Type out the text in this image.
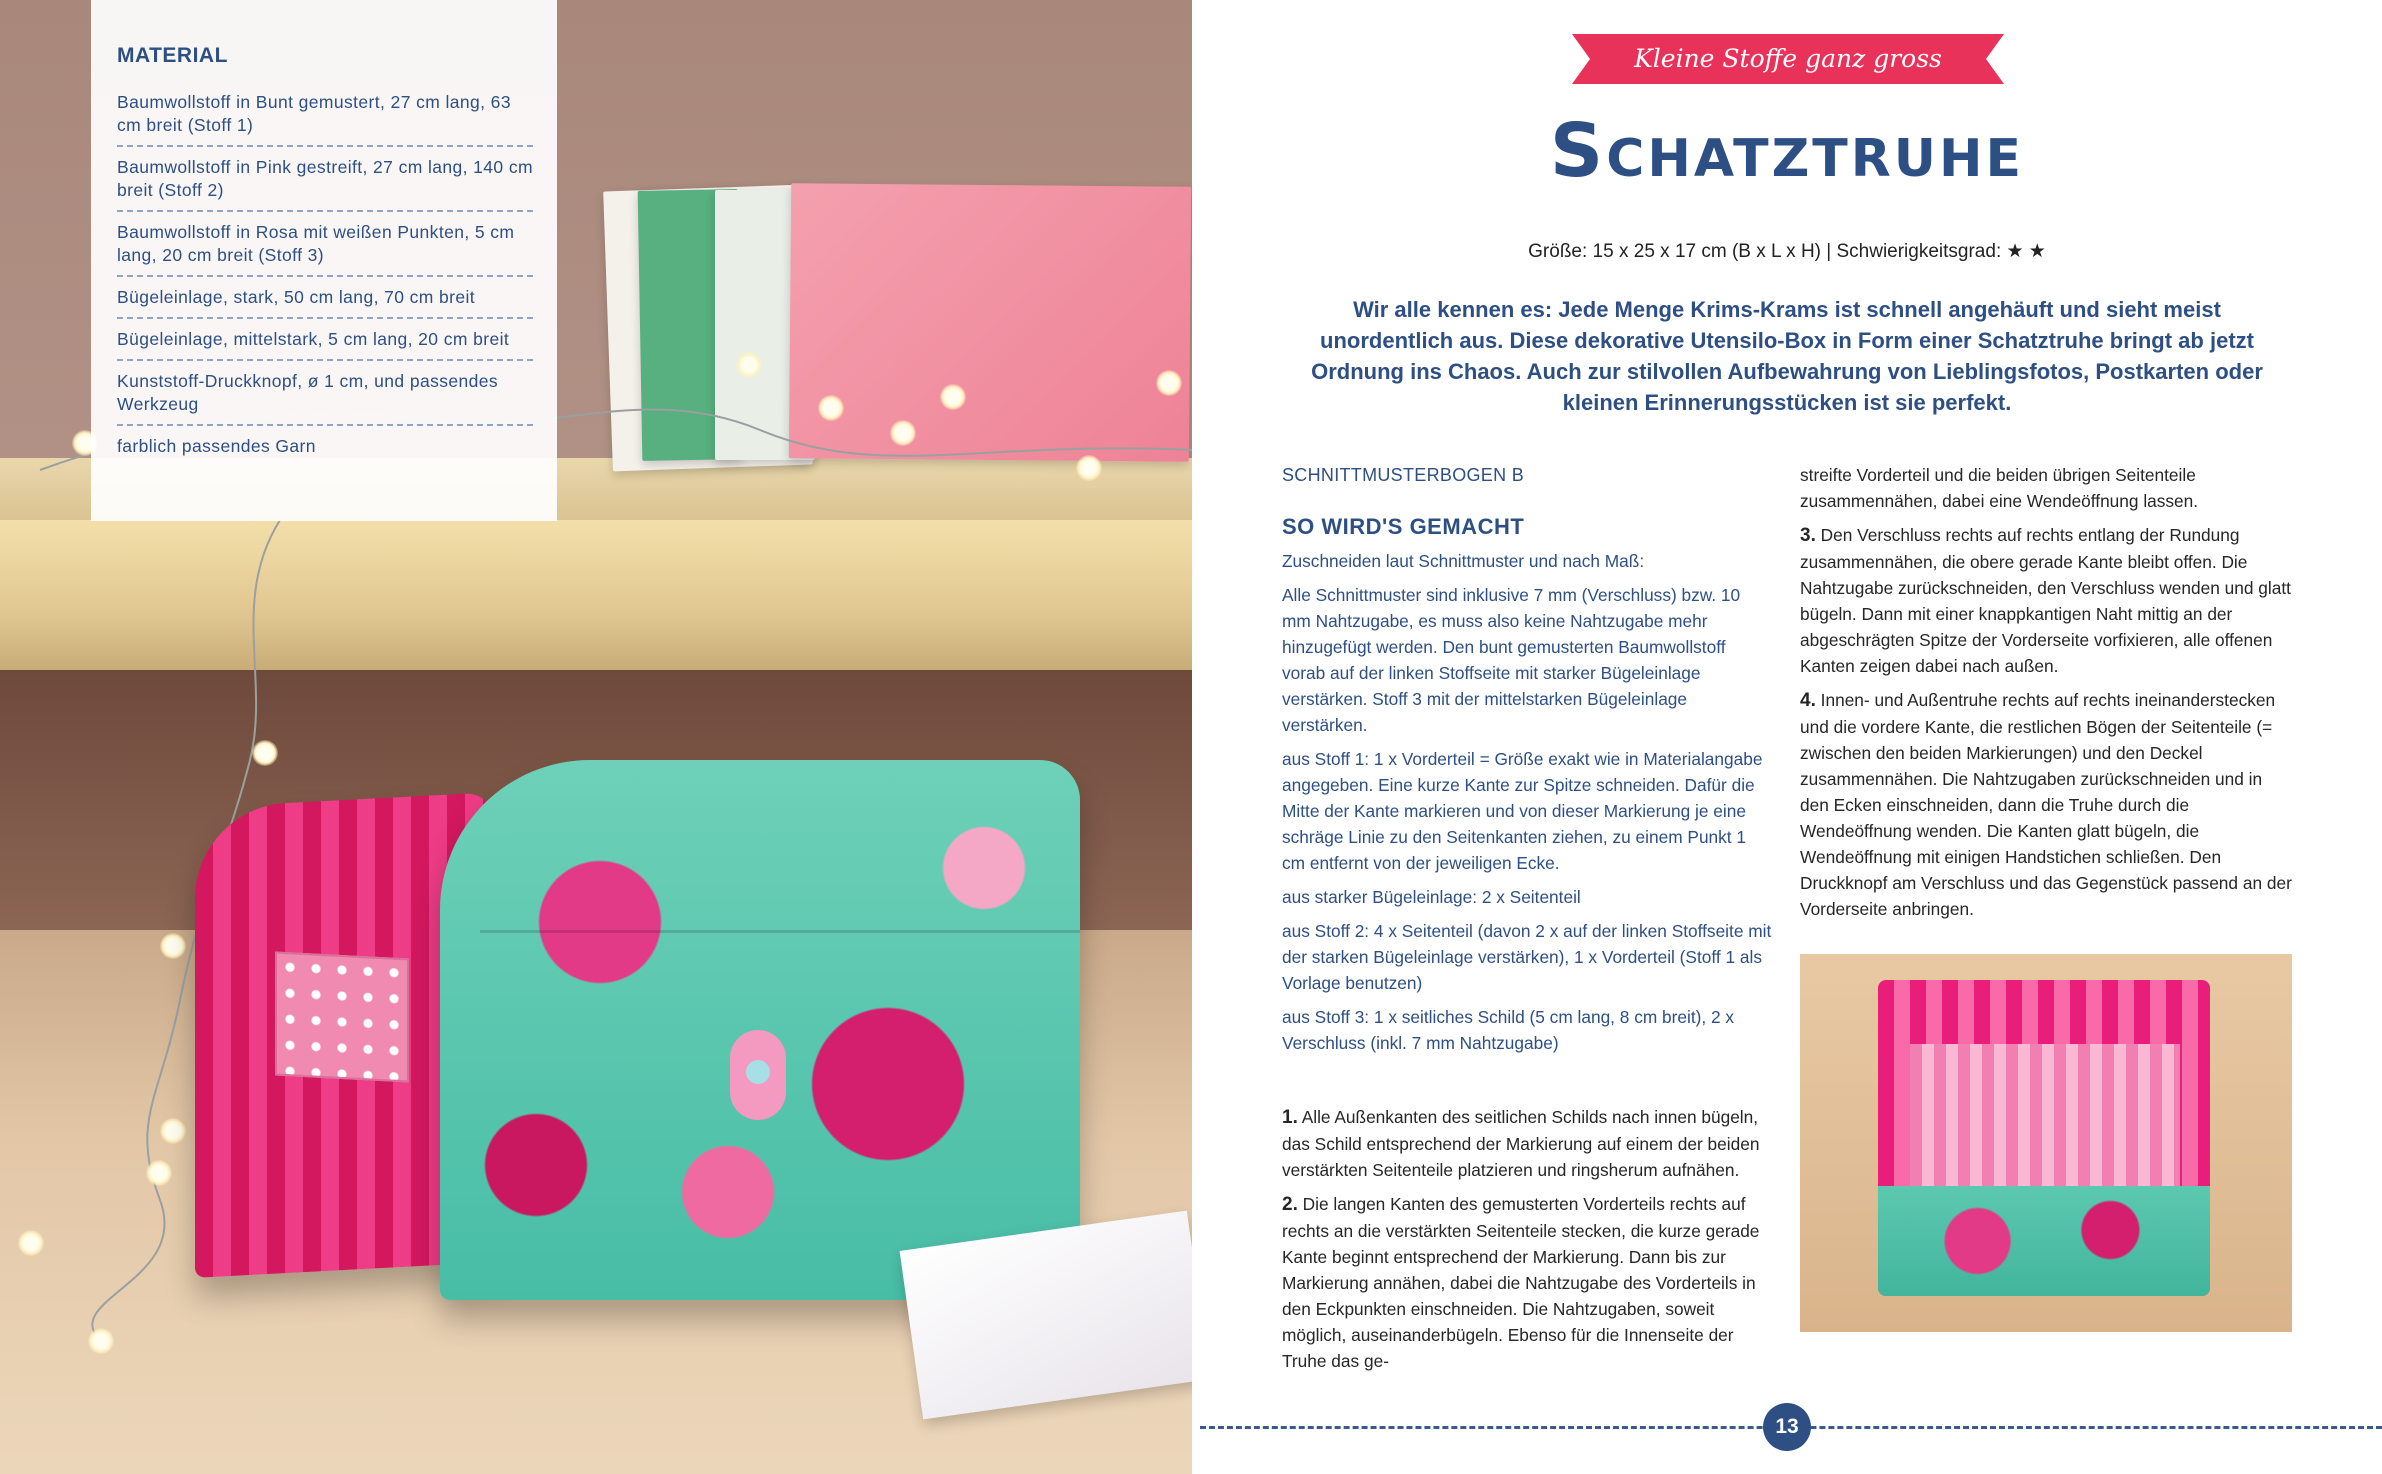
MATERIAL
Baumwollstoff in Bunt gemustert, 27 cm lang, 63 cm breit (Stoff 1)
Baumwollstoff in Pink gestreift, 27 cm lang, 140 cm breit (Stoff 2)
Baumwollstoff in Rosa mit weißen Punkten, 5 cm lang, 20 cm breit (Stoff 3)
Bügeleinlage, stark, 50 cm lang, 70 cm breit
Bügeleinlage, mittelstark, 5 cm lang, 20 cm breit
Kunststoff-Druckknopf, ø 1 cm, und passendes Werkzeug
farblich passendes Garn
Kleine Stoffe ganz gross
Schatztruhe
Größe: 15 x 25 x 17 cm (B x L x H) | Schwierigkeitsgrad: ★ ★
Wir alle kennen es: Jede Menge Krims-Krams ist schnell angehäuft und sieht meist unordentlich aus. Diese dekorative Utensilo-Box in Form einer Schatztruhe bringt ab jetzt Ordnung ins Chaos. Auch zur stilvollen Aufbewahrung von Lieblingsfotos, Postkarten oder kleinen Erinnerungsstücken ist sie perfekt.
SCHNITTMUSTERBOGEN B
SO WIRD'S GEMACHT

Zuschneiden laut Schnittmuster und nach Maß:

Alle Schnittmuster sind inklusive 7 mm (Verschluss) bzw. 10 mm Nahtzugabe, es muss also keine Nahtzugabe mehr hinzugefügt werden. Den bunt gemusterten Baumwollstoff vorab auf der linken Stoffseite mit starker Bügeleinlage verstärken. Stoff 3 mit der mittelstarken Bügeleinlage verstärken.

aus Stoff 1: 1 x Vorderteil = Größe exakt wie in Materialangabe angegeben. Eine kurze Kante zur Spitze schneiden. Dafür die Mitte der Kante markieren und von dieser Markierung je eine schräge Linie zu den Seitenkanten ziehen, zu einem Punkt 1 cm entfernt von der jeweiligen Ecke.

aus starker Bügeleinlage: 2 x Seitenteil

aus Stoff 2: 4 x Seitenteil (davon 2 x auf der linken Stoffseite mit der starken Bügeleinlage verstärken), 1 x Vorderteil (Stoff 1 als Vorlage benutzen)

aus Stoff 3: 1 x seitliches Schild (5 cm lang, 8 cm breit), 2 x Verschluss (inkl. 7 mm Nahtzugabe)

1. Alle Außenkanten des seitlichen Schilds nach innen bügeln, das Schild entsprechend der Markierung auf einem der beiden verstärkten Seitenteile platzieren und ringsherum aufnähen.

2. Die langen Kanten des gemusterten Vorderteils rechts auf rechts an die verstärkten Seitenteile stecken, die kurze gerade Kante beginnt entsprechend der Markierung. Dann bis zur Markierung annähen, dabei die Nahtzugabe des Vorderteils in den Eckpunkten einschneiden. Die Nahtzugaben, soweit möglich, auseinanderbügeln. Ebenso für die Innenseite der Truhe das ge-

streifte Vorderteil und die beiden übrigen Seitenteile zusammennähen, dabei eine Wendeöffnung lassen.

3. Den Verschluss rechts auf rechts entlang der Rundung zusammennähen, die obere gerade Kante bleibt offen. Die Nahtzugabe zurückschneiden, den Verschluss wenden und glatt bügeln. Dann mit einer knappkantigen Naht mittig an der abgeschrägten Spitze der Vorderseite vorfixieren, alle offenen Kanten zeigen dabei nach außen.

4. Innen- und Außentruhe rechts auf rechts ineinanderstecken und die vordere Kante, die restlichen Bögen der Seitenteile (= zwischen den beiden Markierungen) und den Deckel zusammennähen. Die Nahtzugaben zurückschneiden und in den Ecken einschneiden, dann die Truhe durch die Wendeöffnung wenden. Die Kanten glatt bügeln, die Wendeöffnung mit einigen Handstichen schließen. Den Druckknopf am Verschluss und das Gegenstück passend an der Vorderseite anbringen.

13
